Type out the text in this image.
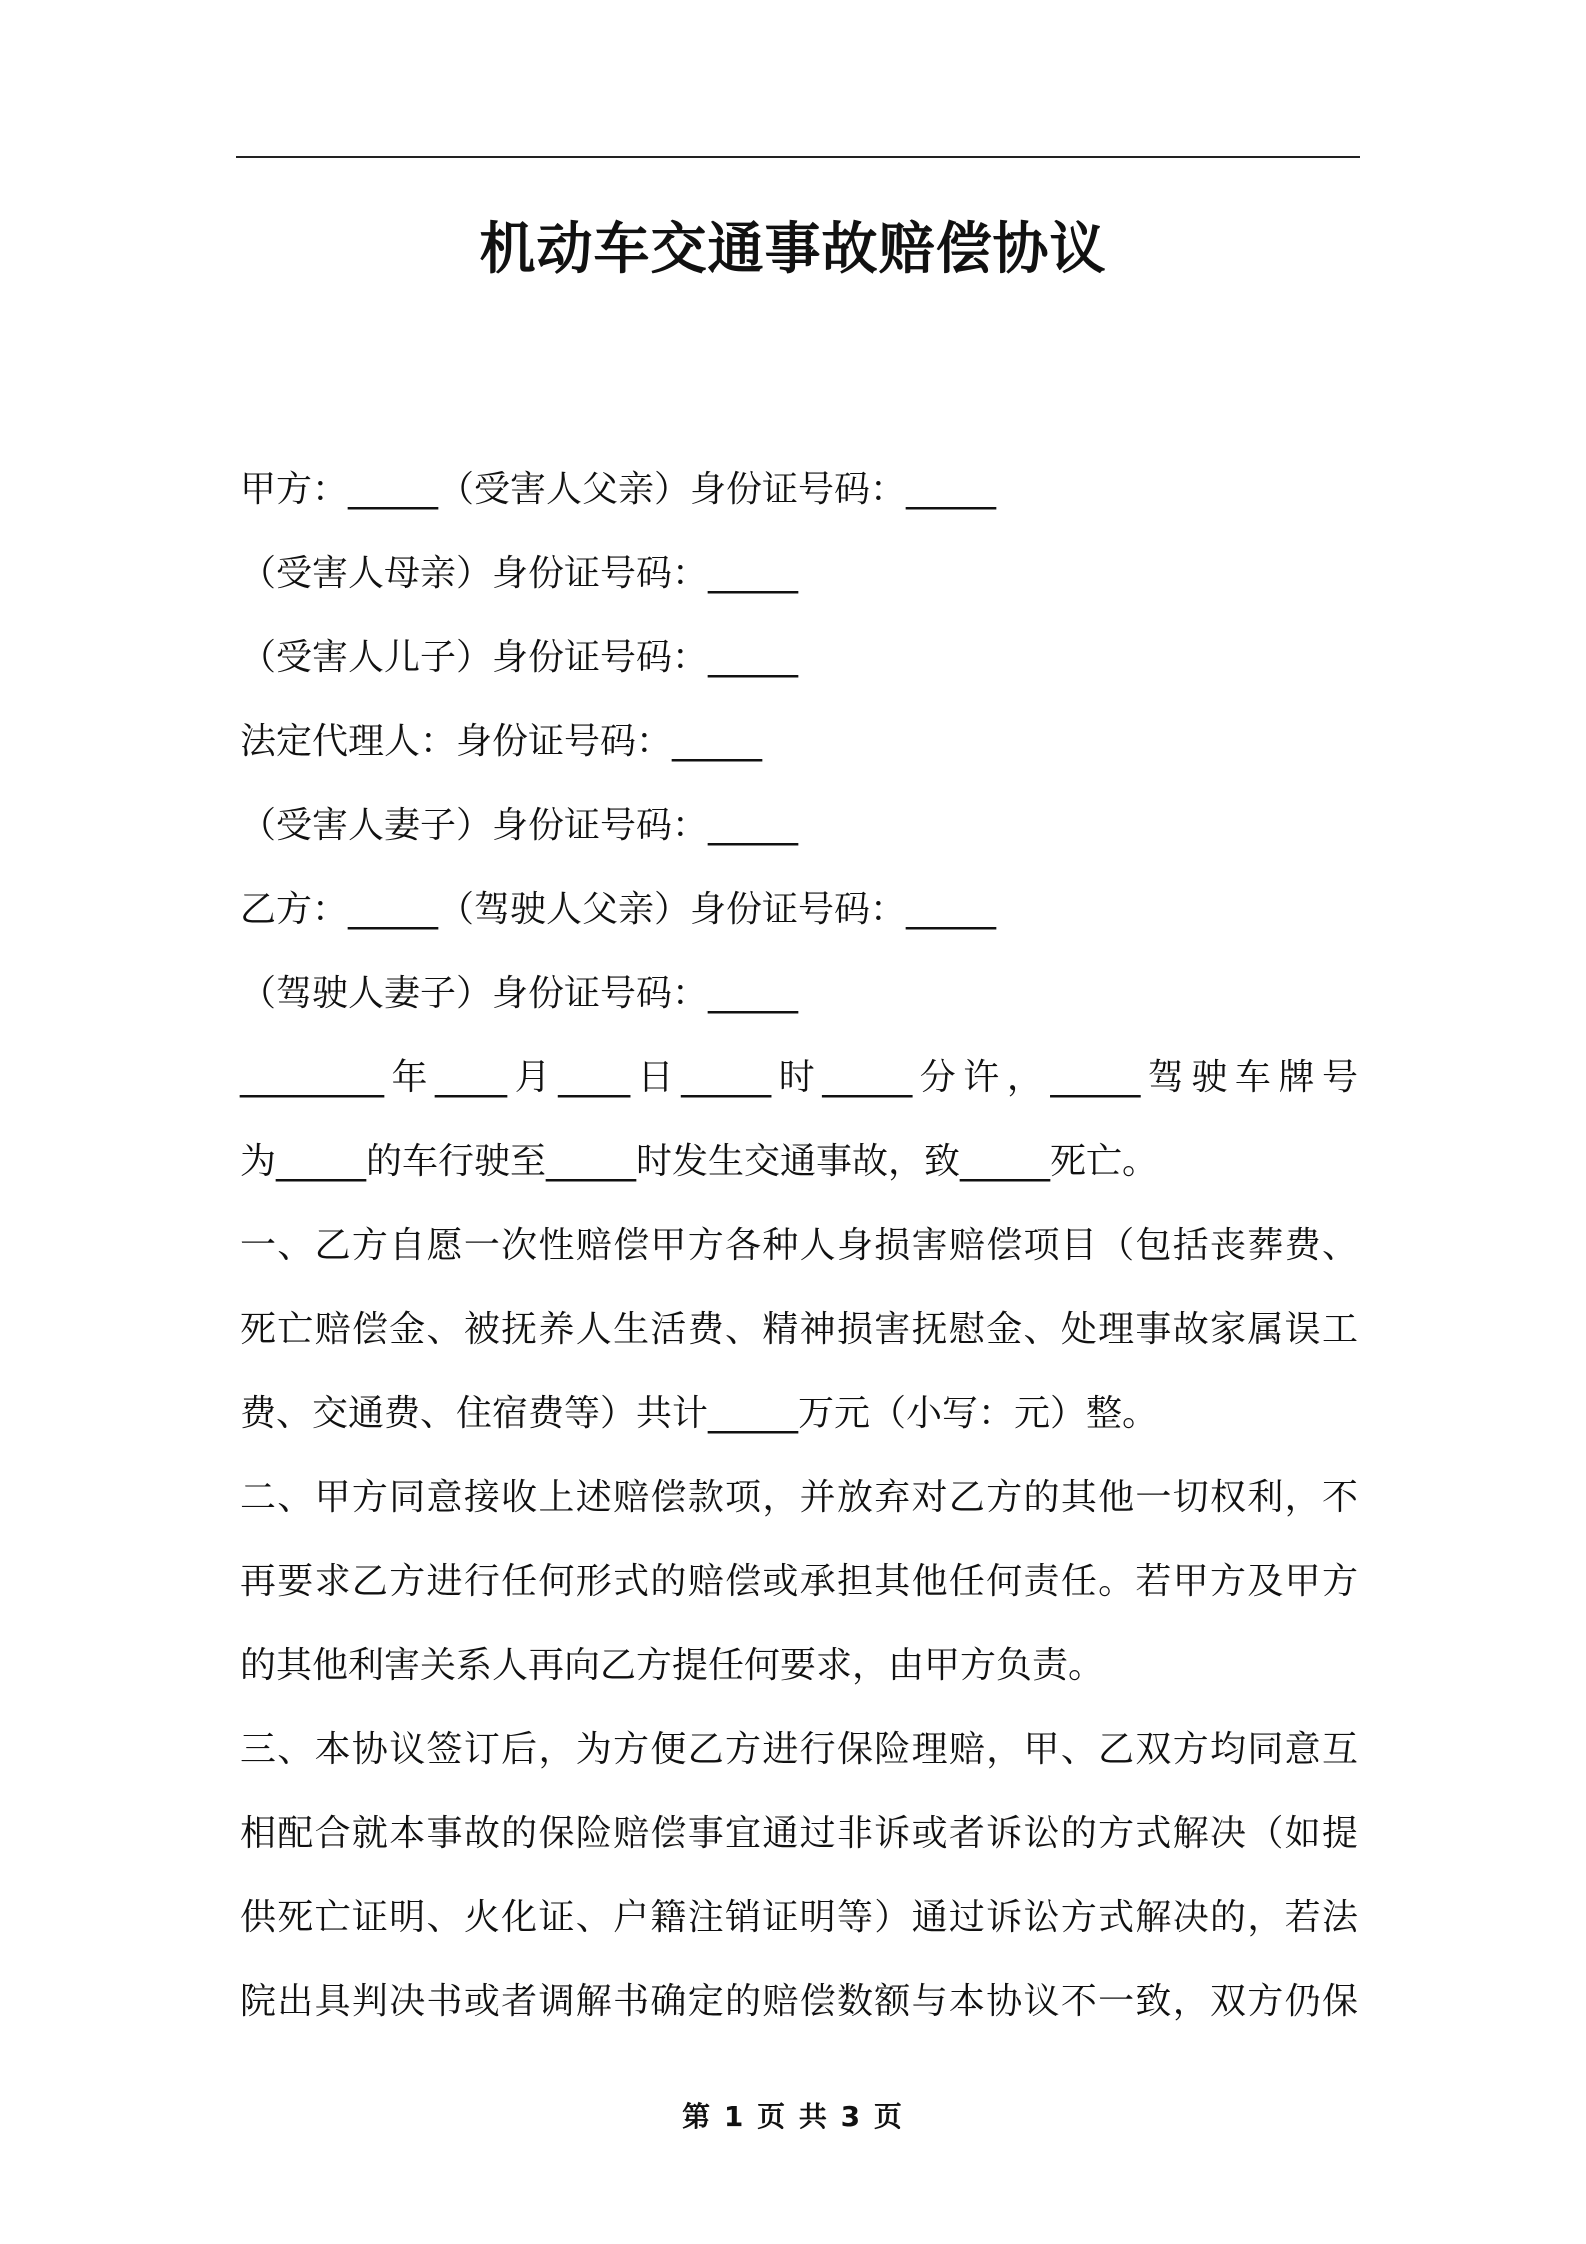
机动车交通事故赔偿协议
甲方：_____（受害人父亲）身份证号码：_____
（受害人母亲）身份证号码：_____
（受害人儿子）身份证号码：_____
法定代理人：身份证号码：_____
（受害人妻子）身份证号码：_____
乙方：_____（驾驶人父亲）身份证号码：_____
（驾驶人妻子）身份证号码：_____
________年____月____日_____时_____分许，_____驾驶车牌号
为_____的车行驶至_____时发生交通事故，致_____死亡。
一、乙方自愿一次性赔偿甲方各种人身损害赔偿项目（包括丧葬费、
死亡赔偿金、被抚养人生活费、精神损害抚慰金、处理事故家属误工
费、交通费、住宿费等）共计_____万元（小写：元）整。
二、甲方同意接收上述赔偿款项，并放弃对乙方的其他一切权利，不
再要求乙方进行任何形式的赔偿或承担其他任何责任。若甲方及甲方
的其他利害关系人再向乙方提任何要求，由甲方负责。
三、本协议签订后，为方便乙方进行保险理赔，甲、乙双方均同意互
相配合就本事故的保险赔偿事宜通过非诉或者诉讼的方式解决（如提
供死亡证明、火化证、户籍注销证明等）通过诉讼方式解决的，若法
院出具判决书或者调解书确定的赔偿数额与本协议不一致，双方仍保
第 1 页 共 3 页
